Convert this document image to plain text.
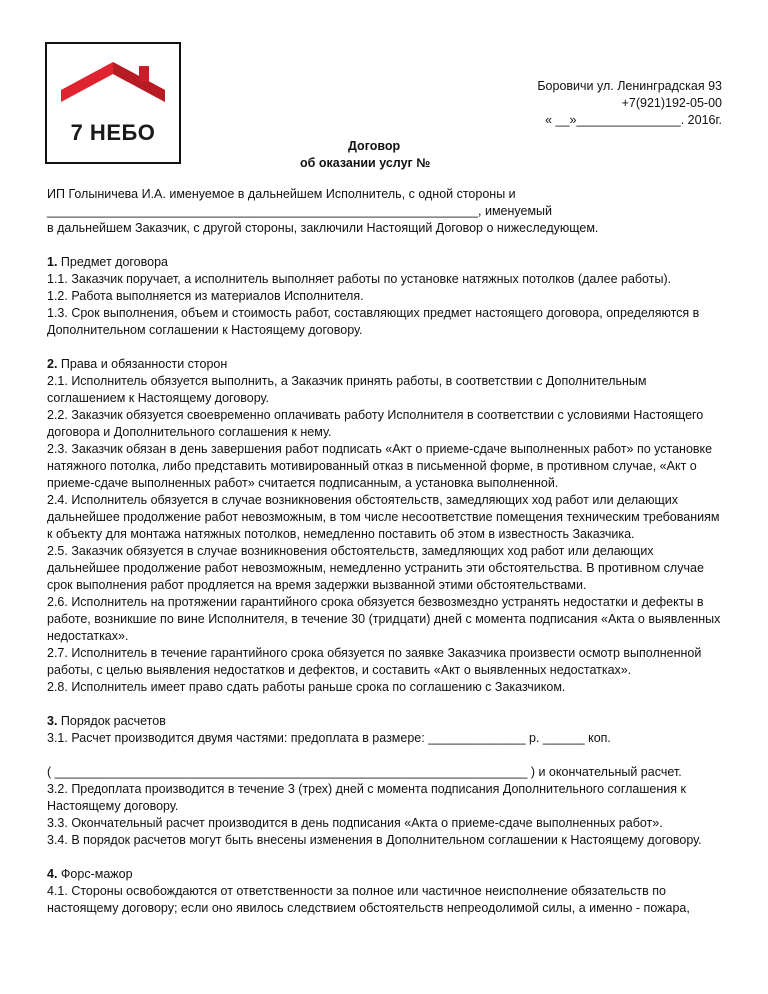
7 НЕБО
Боровичи ул. Ленинградская 93
+7(921)192-05-00
« __»_______________. 2016г.
Договор
об оказании услуг №

ИП Голыничева И.А. именуемое в дальнейшем Исполнитель, с одной стороны и

______________________________________________________________, именуемый

в дальнейшем Заказчик, с другой стороны, заключили Настоящий Договор о нижеследующем.

1. Предмет договора

1.1. Заказчик поручает, а исполнитель выполняет работы по установке натяжных потолков (далее работы).

1.2. Работа выполняется из материалов Исполнителя.

1.3. Срок выполнения, объем и стоимость работ, составляющих предмет настоящего договора, определяются в Дополнительном соглашении к Настоящему договору.

2. Права и обязанности сторон

2.1. Исполнитель обязуется выполнить, а Заказчик принять работы, в соответствии с Дополнительным соглашением к Настоящему договору.

2.2. Заказчик обязуется своевременно оплачивать работу Исполнителя в соответствии с условиями Настоящего договора и Дополнительного соглашения к нему.

2.3. Заказчик обязан в день завершения работ подписать «Акт о приеме-сдаче выполненных работ» по установке натяжного потолка, либо представить мотивированный отказ в письменной форме, в противном случае, «Акт о приеме-сдаче выполненных работ» считается подписанным, а установка выполненной.

2.4. Исполнитель обязуется в случае возникновения обстоятельств, замедляющих ход работ или делающих дальнейшее продолжение работ невозможным, в том числе несоответствие помещения техническим требованиям к объекту для монтажа натяжных потолков, немедленно поставить об этом в известность Заказчика.

2.5. Заказчик обязуется в случае возникновения обстоятельств, замедляющих ход работ или делающих дальнейшее продолжение работ невозможным, немедленно устранить эти обстоятельства. В противном случае срок выполнения работ продляется на время задержки вызванной этими обстоятельствами.

2.6. Исполнитель на протяжении гарантийного срока обязуется безвозмездно устранять недостатки и дефекты в работе, возникшие по вине Исполнителя, в течение 30 (тридцати) дней с момента подписания «Акта о выявленных недостатках».

2.7. Исполнитель в течение гарантийного срока обязуется по заявке Заказчика произвести осмотр выполненной работы, с целью выявления недостатков и дефектов, и составить «Акт о выявленных недостатках».

2.8. Исполнитель имеет право сдать работы раньше срока по соглашению с Заказчиком.

3. Порядок расчетов

3.1. Расчет производится двумя частями: предоплата в размере: ______________ р. ______ коп.

( ____________________________________________________________________ ) и окончательный расчет.

3.2. Предоплата производится в течение 3 (трех) дней с момента подписания Дополнительного соглашения к Настоящему договору.

3.3. Окончательный расчет производится в день подписания «Акта о приеме-сдаче выполненных работ».

3.4. В порядок расчетов могут быть внесены изменения в Дополнительном соглашении к Настоящему договору.

4. Форс-мажор

4.1. Стороны освобождаются от ответственности за полное или частичное неисполнение обязательств по настоящему договору; если оно явилось следствием обстоятельств непреодолимой силы, а именно - пожара,
